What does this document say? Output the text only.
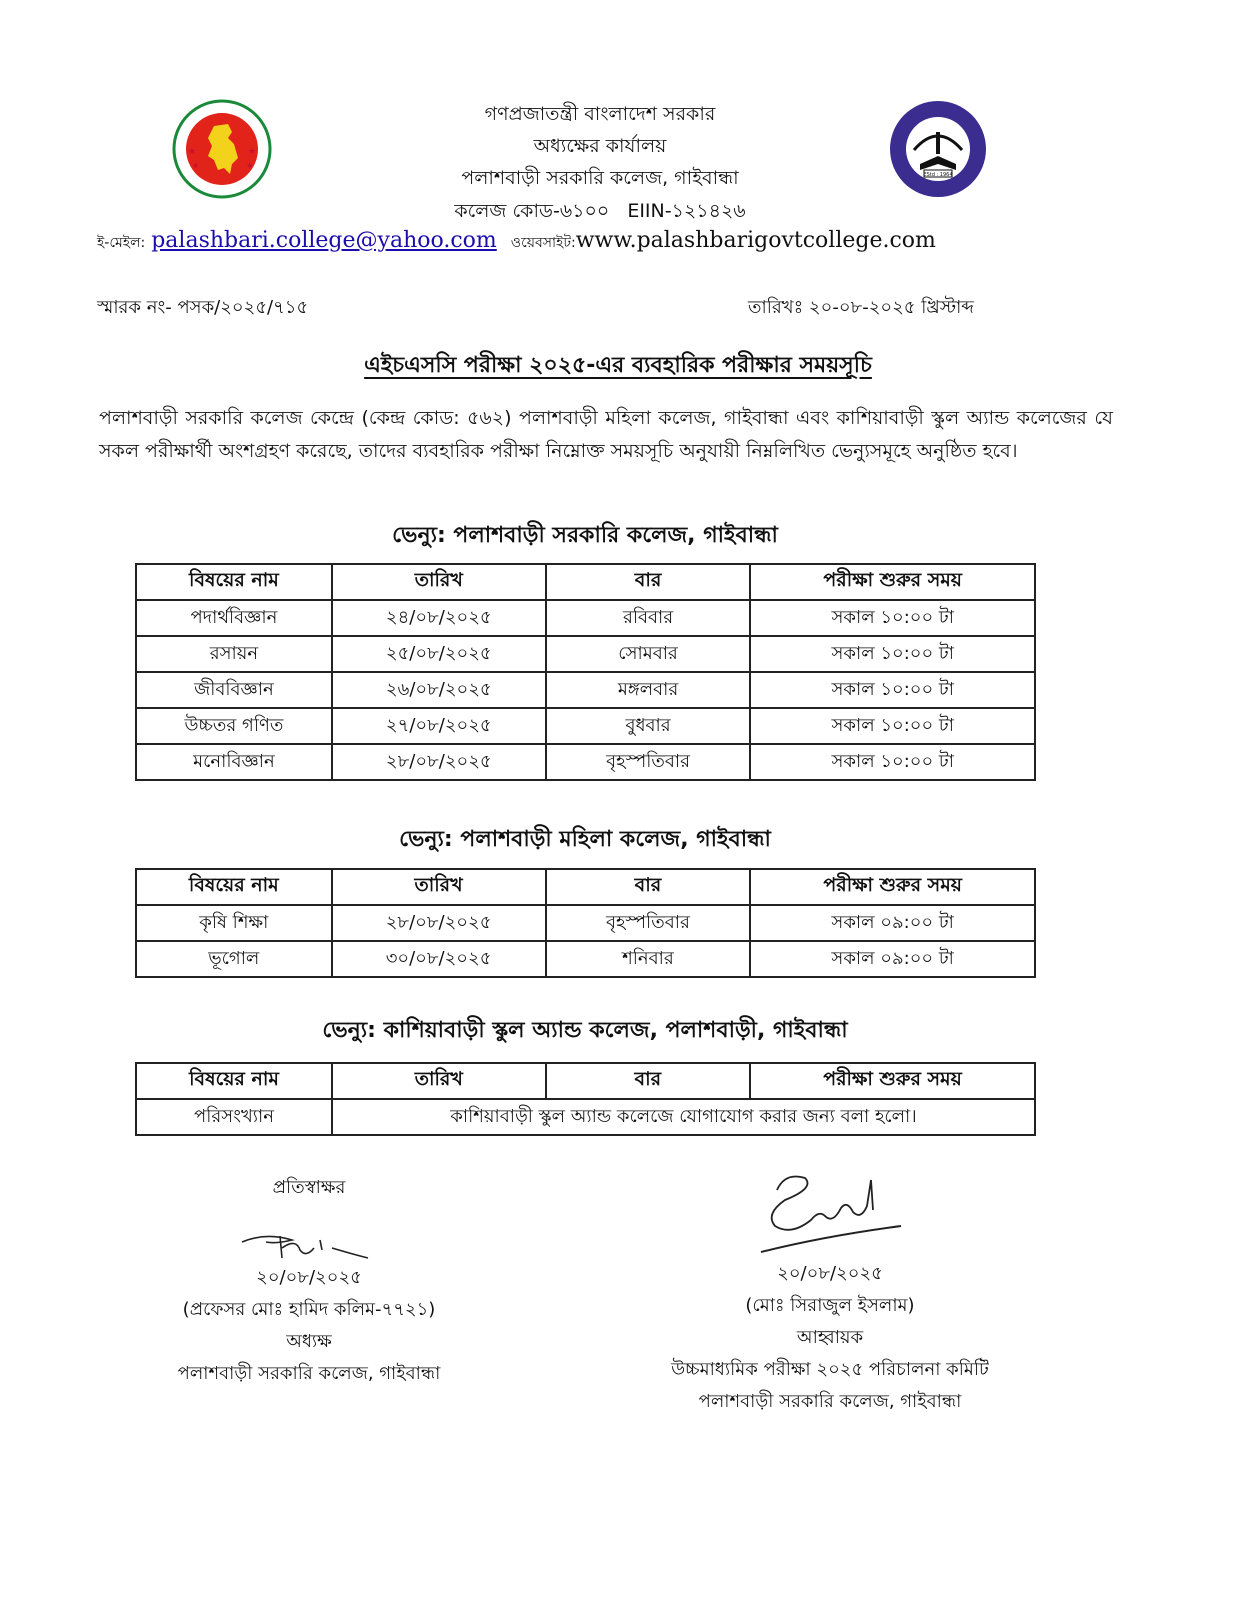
★	★
★	★
EStd : 1964
গণপ্রজাতন্ত্রী বাংলাদেশ সরকার
অধ্যক্ষের কার্যালয়
পলাশবাড়ী সরকারি কলেজ, গাইবান্ধা
কলেজ কোড-৬১০০   EIIN-১২১৪২৬
ই-মেইল: palashbari.college@yahoo.com ওয়েবসাইট:www.palashbarigovtcollege.com
স্মারক নং- পসক/২০২৫/৭১৫	তারিখঃ ২০-০৮-২০২৫ খ্রিস্টাব্দ
এইচএসসি পরীক্ষা ২০২৫-এর ব্যবহারিক পরীক্ষার সময়সূচি
পলাশবাড়ী সরকারি কলেজ কেন্দ্রে (কেন্দ্র কোড: ৫৬২) পলাশবাড়ী মহিলা কলেজ, গাইবান্ধা এবং কাশিয়াবাড়ী স্কুল অ্যান্ড কলেজের যে সকল পরীক্ষার্থী অংশগ্রহণ করেছে, তাদের ব্যবহারিক পরীক্ষা নিম্নোক্ত সময়সূচি অনুযায়ী নিম্নলিখিত ভেন্যুসমূহে অনুষ্ঠিত হবে।
ভেন্যু: পলাশবাড়ী সরকারি কলেজ, গাইবান্ধা
বিষয়ের নাম	তারিখ	বার	পরীক্ষা শুরুর সময়
পদার্থবিজ্ঞান	২৪/০৮/২০২৫	রবিবার	সকাল ১০:০০ টা
রসায়ন	২৫/০৮/২০২৫	সোমবার	সকাল ১০:০০ টা
জীববিজ্ঞান	২৬/০৮/২০২৫	মঙ্গলবার	সকাল ১০:০০ টা
উচ্চতর গণিত	২৭/০৮/২০২৫	বুধবার	সকাল ১০:০০ টা
মনোবিজ্ঞান	২৮/০৮/২০২৫	বৃহস্পতিবার	সকাল ১০:০০ টা
ভেন্যু: পলাশবাড়ী মহিলা কলেজ, গাইবান্ধা
বিষয়ের নাম	তারিখ	বার	পরীক্ষা শুরুর সময়
কৃষি শিক্ষা	২৮/০৮/২০২৫	বৃহস্পতিবার	সকাল ০৯:০০ টা
ভূগোল	৩০/০৮/২০২৫	শনিবার	সকাল ০৯:০০ টা
ভেন্যু: কাশিয়াবাড়ী স্কুল অ্যান্ড কলেজ, পলাশবাড়ী, গাইবান্ধা
বিষয়ের নাম	তারিখ	বার	পরীক্ষা শুরুর সময়
পরিসংখ্যান	কাশিয়াবাড়ী স্কুল অ্যান্ড কলেজে যোগাযোগ করার জন্য বলা হলো।		
প্রতিস্বাক্ষর
২০/০৮/২০২৫
(প্রফেসর মোঃ হামিদ কলিম-৭৭২১)
অধ্যক্ষ
পলাশবাড়ী সরকারি কলেজ, গাইবান্ধা
২০/০৮/২০২৫
(মোঃ সিরাজুল ইসলাম)
আহ্বায়ক
উচ্চমাধ্যমিক পরীক্ষা ২০২৫ পরিচালনা কমিটি
পলাশবাড়ী সরকারি কলেজ, গাইবান্ধা
